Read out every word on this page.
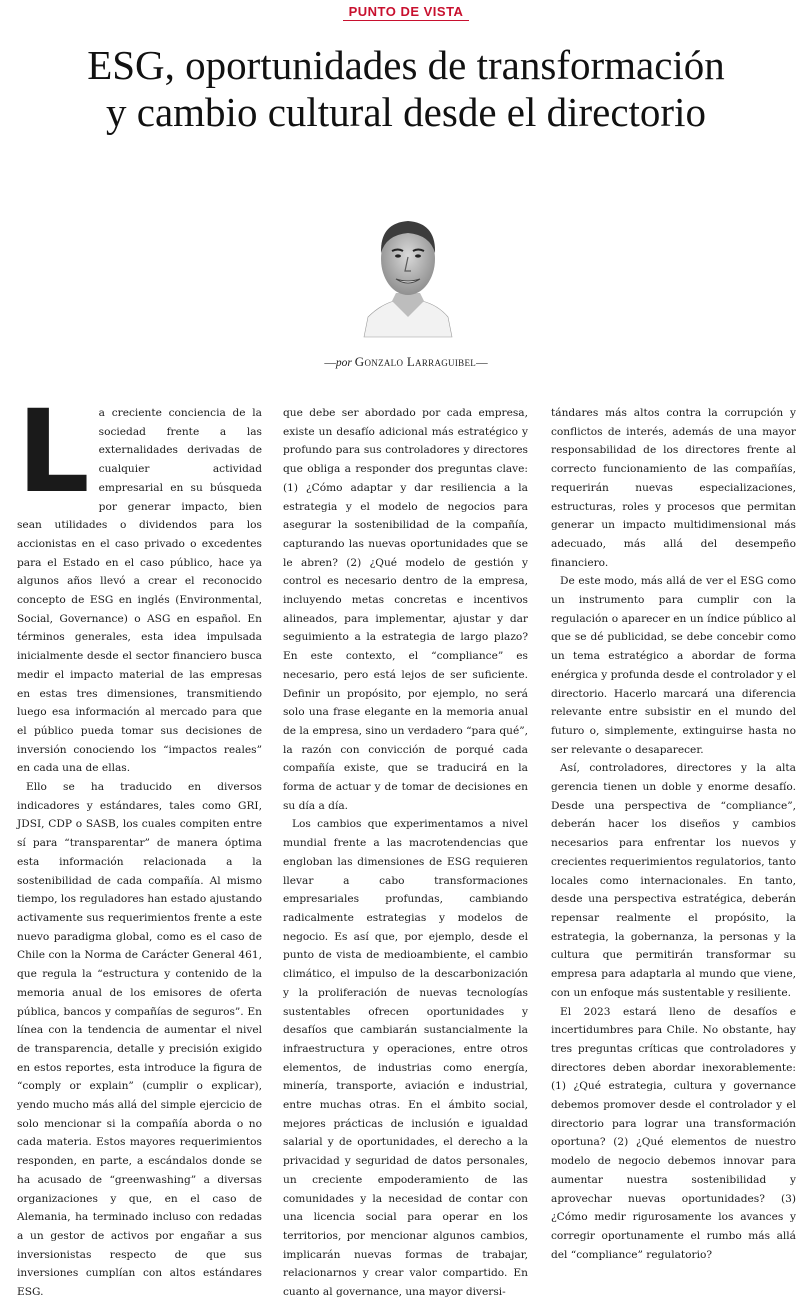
PUNTO DE VISTA
ESG, oportunidades de transformación
y cambio cultural desde el directorio
—por Gonzalo Larraguibel—
L a creciente conciencia de la sociedad frente a las externalidades derivadas de cualquier actividad empresarial en su búsqueda por generar impacto, bien sean utilidades o dividendos para los accionistas en el caso privado o excedentes para el Estado en el caso público, hace ya algunos años llevó a crear el reconocido concepto de ESG en inglés (Environmental, Social, Governance) o ASG en español. En términos generales, esta idea impulsada inicialmente desde el sector financiero busca medir el impacto material de las empresas en estas tres dimensiones, transmitiendo luego esa información al mercado para que el público pueda tomar sus decisiones de inversión conociendo los “impactos reales” en cada una de ellas.

Ello se ha traducido en diversos indicadores y estándares, tales como GRI, JDSI, CDP o SASB, los cuales compiten entre sí para “transparentar” de manera óptima esta información relacionada a la sostenibilidad de cada compañía. Al mismo tiempo, los reguladores han estado ajustando activamente sus requerimientos frente a este nuevo paradigma global, como es el caso de Chile con la Norma de Carácter General 461, que regula la “estructura y contenido de la memoria anual de los emisores de oferta pública, bancos y compañías de seguros”. En línea con la tendencia de aumentar el nivel de transparencia, detalle y precisión exigido en estos reportes, esta introduce la figura de “comply or explain” (cumplir o explicar), yendo mucho más allá del simple ejercicio de solo mencionar si la compañía aborda o no cada materia. Estos mayores requerimientos responden, en parte, a escándalos donde se ha acusado de “greenwashing” a diversas organizaciones y que, en el caso de Alemania, ha terminado incluso con redadas a un gestor de activos por engañar a sus inversionistas respecto de que sus inversiones cumplían con altos estándares ESG.

que debe ser abordado por cada empresa, existe un desafío adicional más estratégico y profundo para sus controladores y directores que obliga a responder dos preguntas clave: (1) ¿Cómo adaptar y dar resiliencia a la estrategia y el modelo de negocios para asegurar la sostenibilidad de la compañía, capturando las nuevas oportunidades que se le abren? (2) ¿Qué modelo de gestión y control es necesario dentro de la empresa, incluyendo metas concretas e incentivos alineados, para implementar, ajustar y dar seguimiento a la estrategia de largo plazo? En este contexto, el “compliance” es necesario, pero está lejos de ser suficiente. Definir un propósito, por ejemplo, no será solo una frase elegante en la memoria anual de la empresa, sino un verdadero “para qué”, la razón con convicción de porqué cada compañía existe, que se traducirá en la forma de actuar y de tomar de decisiones en su día a día.

Los cambios que experimentamos a nivel mundial frente a las macrotendencias que engloban las dimensiones de ESG requieren llevar a cabo transformaciones empresariales profundas, cambiando radicalmente estrategias y modelos de negocio. Es así que, por ejemplo, desde el punto de vista de medioambiente, el cambio climático, el impulso de la descarbonización y la proliferación de nuevas tecnologías sustentables ofrecen oportunidades y desafíos que cambiarán sustancialmente la infraestructura y operaciones, entre otros elementos, de industrias como energía, minería, transporte, aviación e industrial, entre muchas otras. En el ámbito social, mejores prácticas de inclusión e igualdad salarial y de oportunidades, el derecho a la privacidad y seguridad de datos personales, un creciente empoderamiento de las comunidades y la necesidad de contar con una licencia social para operar en los territorios, por mencionar algunos cambios, implicarán nuevas formas de trabajar, relacionarnos y crear valor compartido. En cuanto al governance, una mayor diversi-

tándares más altos contra la corrupción y conflictos de interés, además de una mayor responsabilidad de los directores frente al correcto funcionamiento de las compañías, requerirán nuevas especializaciones, estructuras, roles y procesos que permitan generar un impacto multidimensional más adecuado, más allá del desempeño financiero.

De este modo, más allá de ver el ESG como un instrumento para cumplir con la regulación o aparecer en un índice público al que se dé publicidad, se debe concebir como un tema estratégico a abordar de forma enérgica y profunda desde el controlador y el directorio. Hacerlo marcará una diferencia relevante entre subsistir en el mundo del futuro o, simplemente, extinguirse hasta no ser relevante o desaparecer.

Así, controladores, directores y la alta gerencia tienen un doble y enorme desafío. Desde una perspectiva de “compliance”, deberán hacer los diseños y cambios necesarios para enfrentar los nuevos y crecientes requerimientos regulatorios, tanto locales como internacionales. En tanto, desde una perspectiva estratégica, deberán repensar realmente el propósito, la estrategia, la gobernanza, la personas y la cultura que permitirán transformar su empresa para adaptarla al mundo que viene, con un enfoque más sustentable y resiliente.

El 2023 estará lleno de desafíos e incertidumbres para Chile. No obstante, hay tres preguntas críticas que controladores y directores deben abordar inexorablemente: (1) ¿Qué estrategia, cultura y governance debemos promover desde el controlador y el directorio para lograr una transformación oportuna? (2) ¿Qué elementos de nuestro modelo de negocio debemos innovar para aumentar nuestra sostenibilidad y aprovechar nuevas oportunidades? (3) ¿Cómo medir rigurosamente los avances y corregir oportunamente el rumbo más allá del “compliance” regulatorio?
